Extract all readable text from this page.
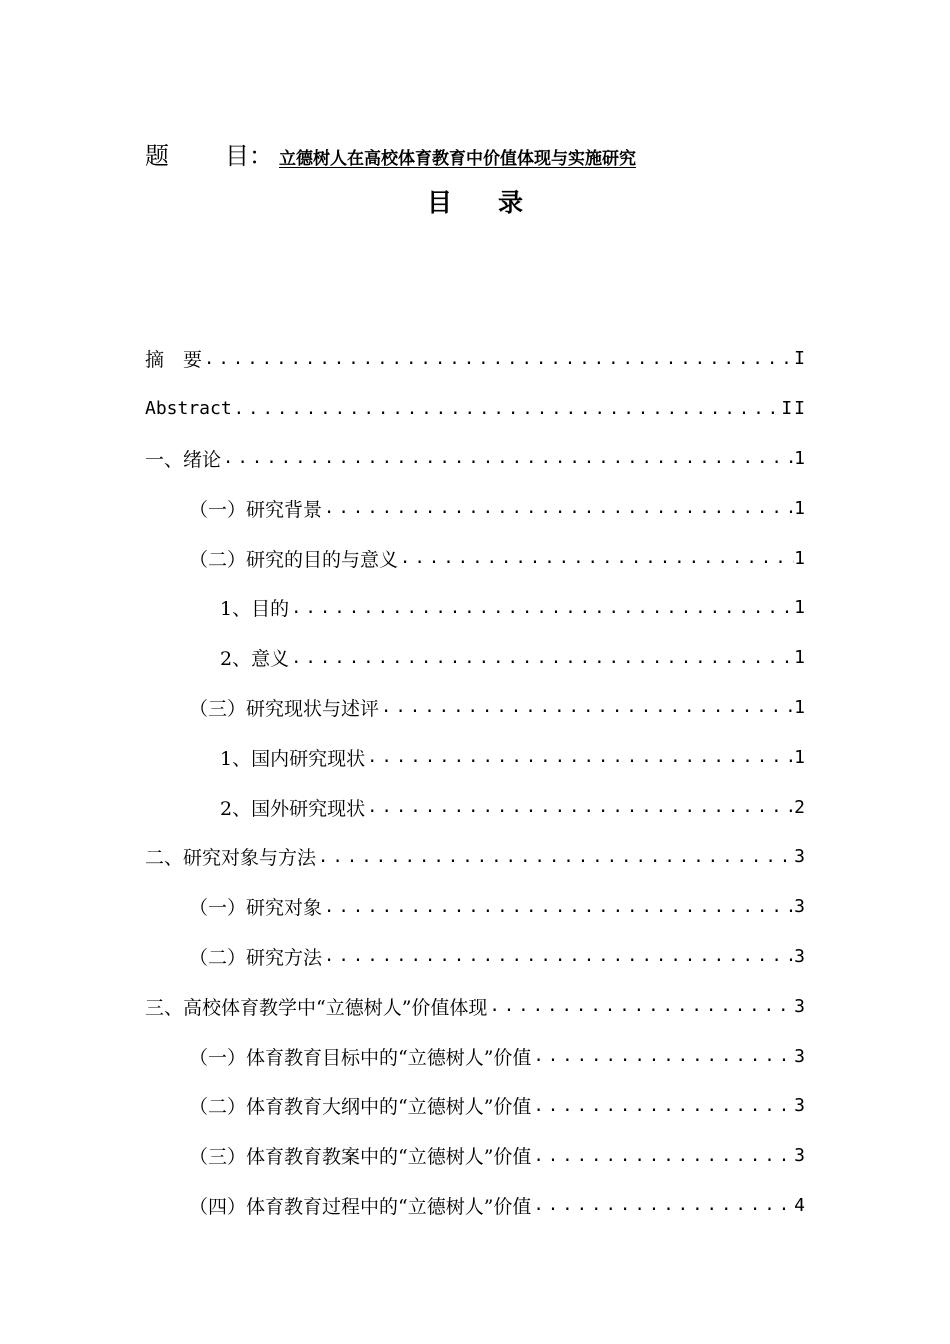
题	目： 立德树人在高校体育教育中价值体现与实施研究
目 录
摘　要 .....	I
Abstract .....	II
一、绪论 .....	1
（一）研究背景 .....	1
（二）研究的目的与意义 .....	1
1、目的 .....	1
2、意义 .....	1
（三）研究现状与述评 .....	1
1、国内研究现状 .....	1
2、国外研究现状 .....	2
二、研究对象与方法 .....	3
（一）研究对象 .....	3
（二）研究方法 .....	3
三、高校体育教学中“立德树人”价值体现 .....	3
（一）体育教育目标中的“立德树人”价值 .....	3
（二）体育教育大纲中的“立德树人”价值 .....	3
（三）体育教育教案中的“立德树人”价值 .....	3
（四）体育教育过程中的“立德树人”价值 .....	4
